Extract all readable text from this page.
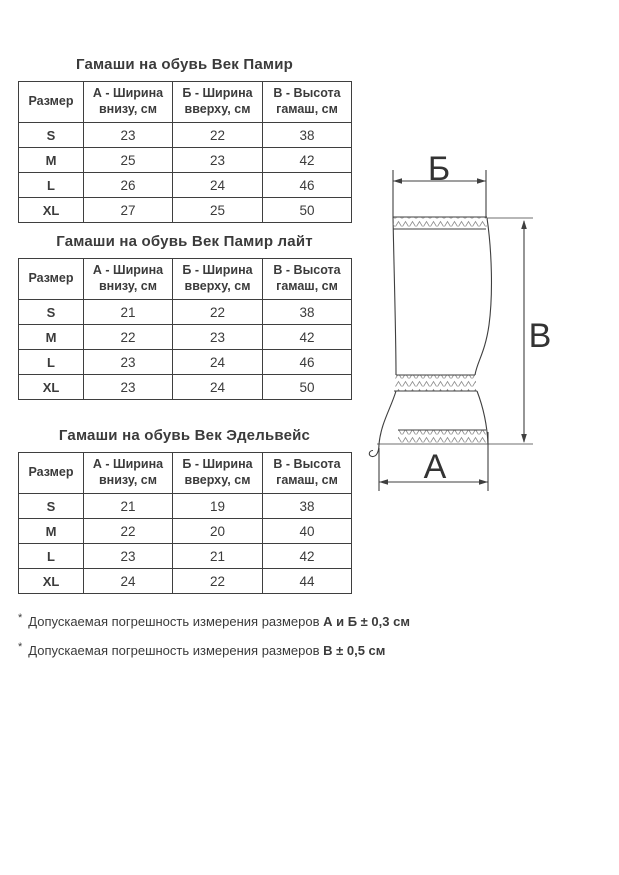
Гамаши на обувь Век Памир
Размер	А - Ширина внизу, см	Б - Ширина вверху, см	В - Высота гамаш, см
S	23	22	38
M	25	23	42
L	26	24	46
XL	27	25	50
Гамаши на обувь Век Памир лайт
Размер	А - Ширина внизу, см	Б - Ширина вверху, см	В - Высота гамаш, см
S	21	22	38
M	22	23	42
L	23	24	46
XL	23	24	50
Гамаши на обувь Век Эдельвейс
Размер	А - Ширина внизу, см	Б - Ширина вверху, см	В - Высота гамаш, см
S	21	19	38
M	22	20	40
L	23	21	42
XL	24	22	44
Б
В
А
* Допускаемая погрешность измерения размеров А и Б ± 0,3 см
* Допускаемая погрешность измерения размеров В ± 0,5 см
